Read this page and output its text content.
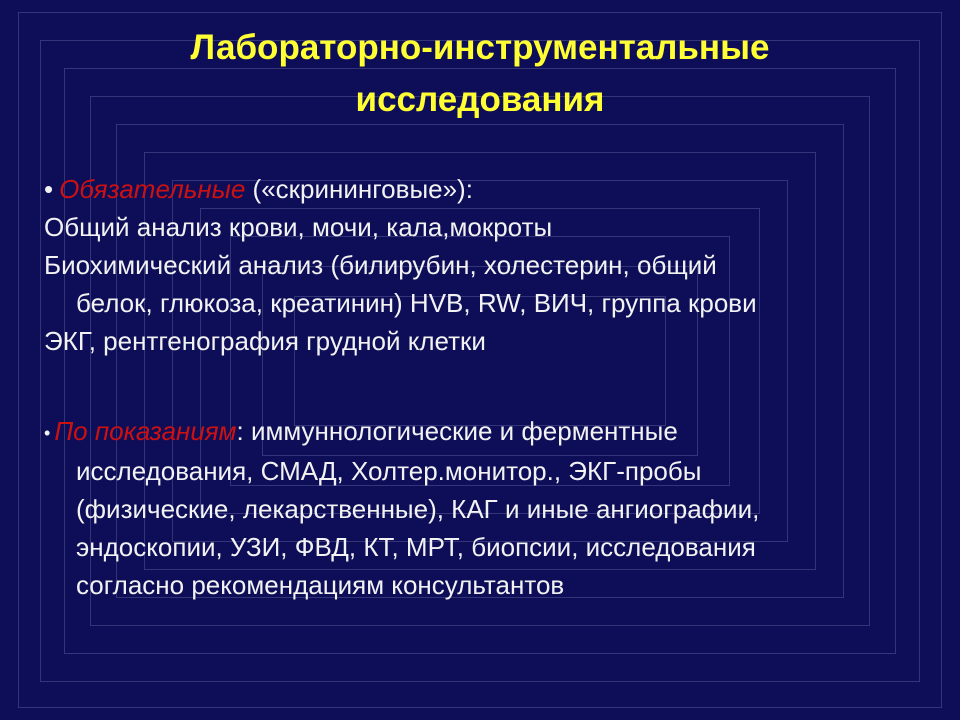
Лабораторно-инструментальные
исследования

• Обязательные («скрининговые»):

Общий анализ крови, мочи, кала,мокроты

Биохимический анализ (билирубин, холестерин, общий

белок, глюкоза, креатинин) HVB, RW, ВИЧ, группа крови

ЭКГ, рентгенография грудной клетки

• По показаниям: иммуннологические и ферментные

исследования, СМАД, Холтер.монитор., ЭКГ-пробы

(физические, лекарственные), КАГ и иные ангиографии,

эндоскопии, УЗИ, ФВД, КТ, МРТ, биопсии, исследования

согласно рекомендациям консультантов
